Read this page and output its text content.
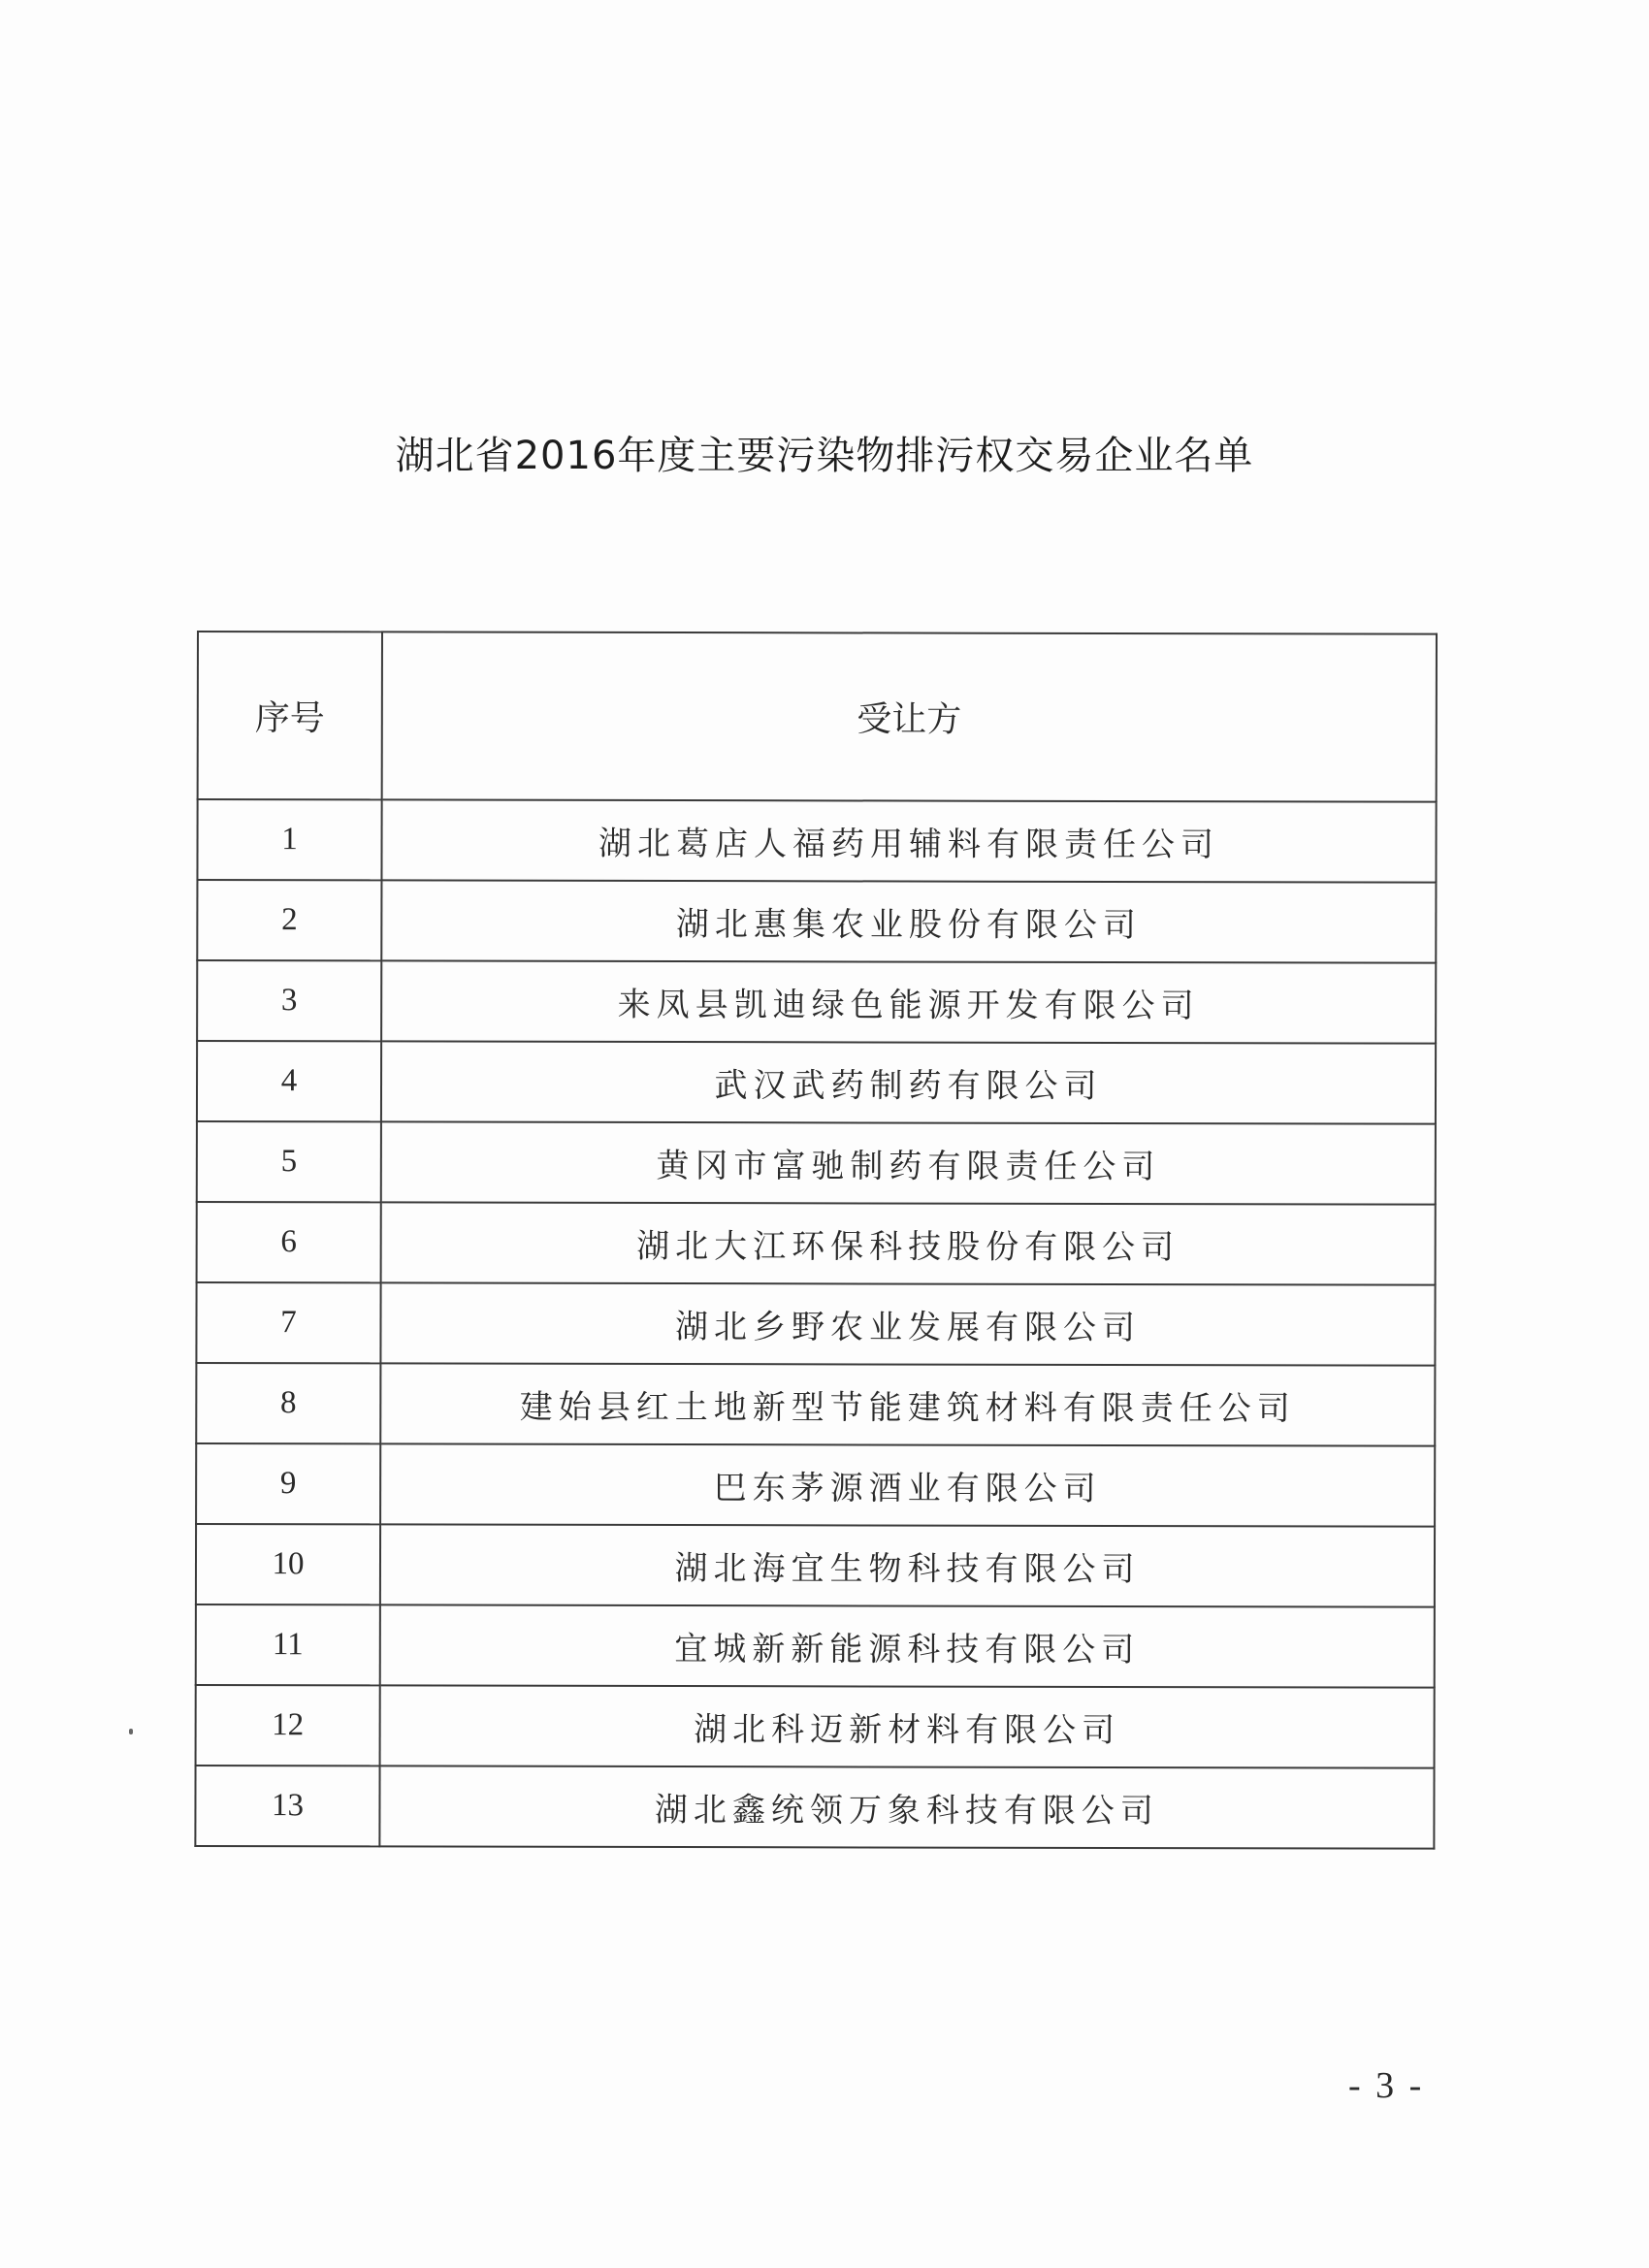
湖北省2016年度主要污染物排污权交易企业名单
序号	受让方
1	湖北葛店人福药用辅料有限责任公司
2	湖北惠集农业股份有限公司
3	来凤县凯迪绿色能源开发有限公司
4	武汉武药制药有限公司
5	黄冈市富驰制药有限责任公司
6	湖北大江环保科技股份有限公司
7	湖北乡野农业发展有限公司
8	建始县红土地新型节能建筑材料有限责任公司
9	巴东茅源酒业有限公司
10	湖北海宜生物科技有限公司
11	宜城新新能源科技有限公司
12	湖北科迈新材料有限公司
13	湖北鑫统领万象科技有限公司
- 3 -
